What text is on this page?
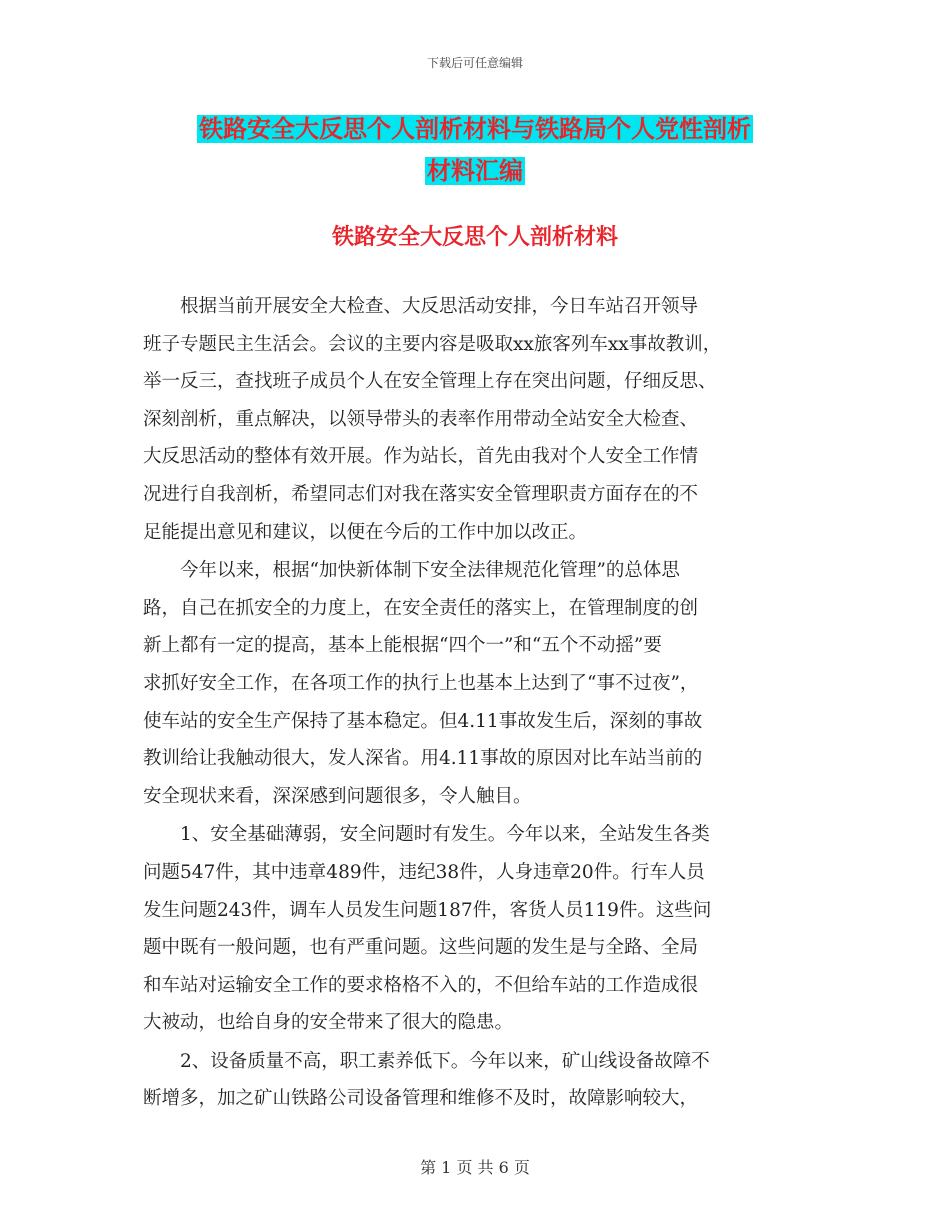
下载后可任意编辑
铁路安全大反思个人剖析材料与铁路局个人党性剖析
材料汇编
铁路安全大反思个人剖析材料
　　根据当前开展安全大检查、大反思活动安排，今日车站召开领导
班子专题民主生活会。会议的主要内容是吸取xx旅客列车xx事故教训，
举一反三，查找班子成员个人在安全管理上存在突出问题，仔细反思、
深刻剖析，重点解决，以领导带头的表率作用带动全站安全大检查、
大反思活动的整体有效开展。作为站长，首先由我对个人安全工作情
况进行自我剖析，希望同志们对我在落实安全管理职责方面存在的不
足能提出意见和建议，以便在今后的工作中加以改正。
　　今年以来，根据“加快新体制下安全法律规范化管理”的总体思
路，自己在抓安全的力度上，在安全责任的落实上，在管理制度的创
新上都有一定的提高，基本上能根据“四个一”和“五个不动摇”要
求抓好安全工作，在各项工作的执行上也基本上达到了“事不过夜”，
使车站的安全生产保持了基本稳定。但4.11事故发生后，深刻的事故
教训给让我触动很大，发人深省。用4.11事故的原因对比车站当前的
安全现状来看，深深感到问题很多，令人触目。
　　1、安全基础薄弱，安全问题时有发生。今年以来，全站发生各类
问题547件，其中违章489件，违纪38件，人身违章20件。行车人员
发生问题243件，调车人员发生问题187件，客货人员119件。这些问
题中既有一般问题，也有严重问题。这些问题的发生是与全路、全局
和车站对运输安全工作的要求格格不入的，不但给车站的工作造成很
大被动，也给自身的安全带来了很大的隐患。
　　2、设备质量不高，职工素养低下。今年以来，矿山线设备故障不
断增多，加之矿山铁路公司设备管理和维修不及时，故障影响较大，
第 1 页 共 6 页
